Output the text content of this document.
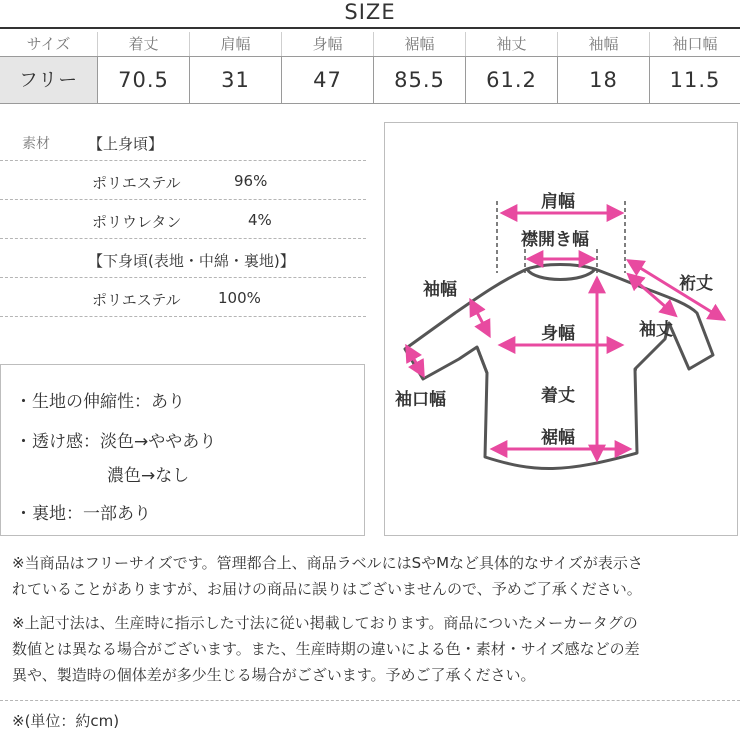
SIZE
サイズ	着丈	肩幅	身幅	裾幅	袖丈	袖幅	袖口幅
フリー	70.5	31	47	85.5	61.2	18	11.5
素材	【上身頃】
ポリエステル	96%
ポリウレタン	4%
【下身頃(表地・中綿・裏地)】
ポリエステル 100%
・生地の伸縮性：あり
・透け感：淡色→ややあり
濃色→なし
・裏地：一部あり
肩幅
襟開き幅
袖幅	裄丈
袖丈
身幅
袖口幅	着丈
裾幅

※当商品はフリーサイズです。管理都合上、商品ラベルにはSやMなど具体的なサイズが表示さ

れていることがありますが、お届けの商品に誤りはございませんので、予めご了承ください。

※上記寸法は、生産時に指示した寸法に従い掲載しております。商品についたメーカータグの

数値とは異なる場合がございます。また、生産時期の違いによる色・素材・サイズ感などの差

異や、製造時の個体差が多少生じる場合がございます。予めご了承ください。

※(単位：約cm)
